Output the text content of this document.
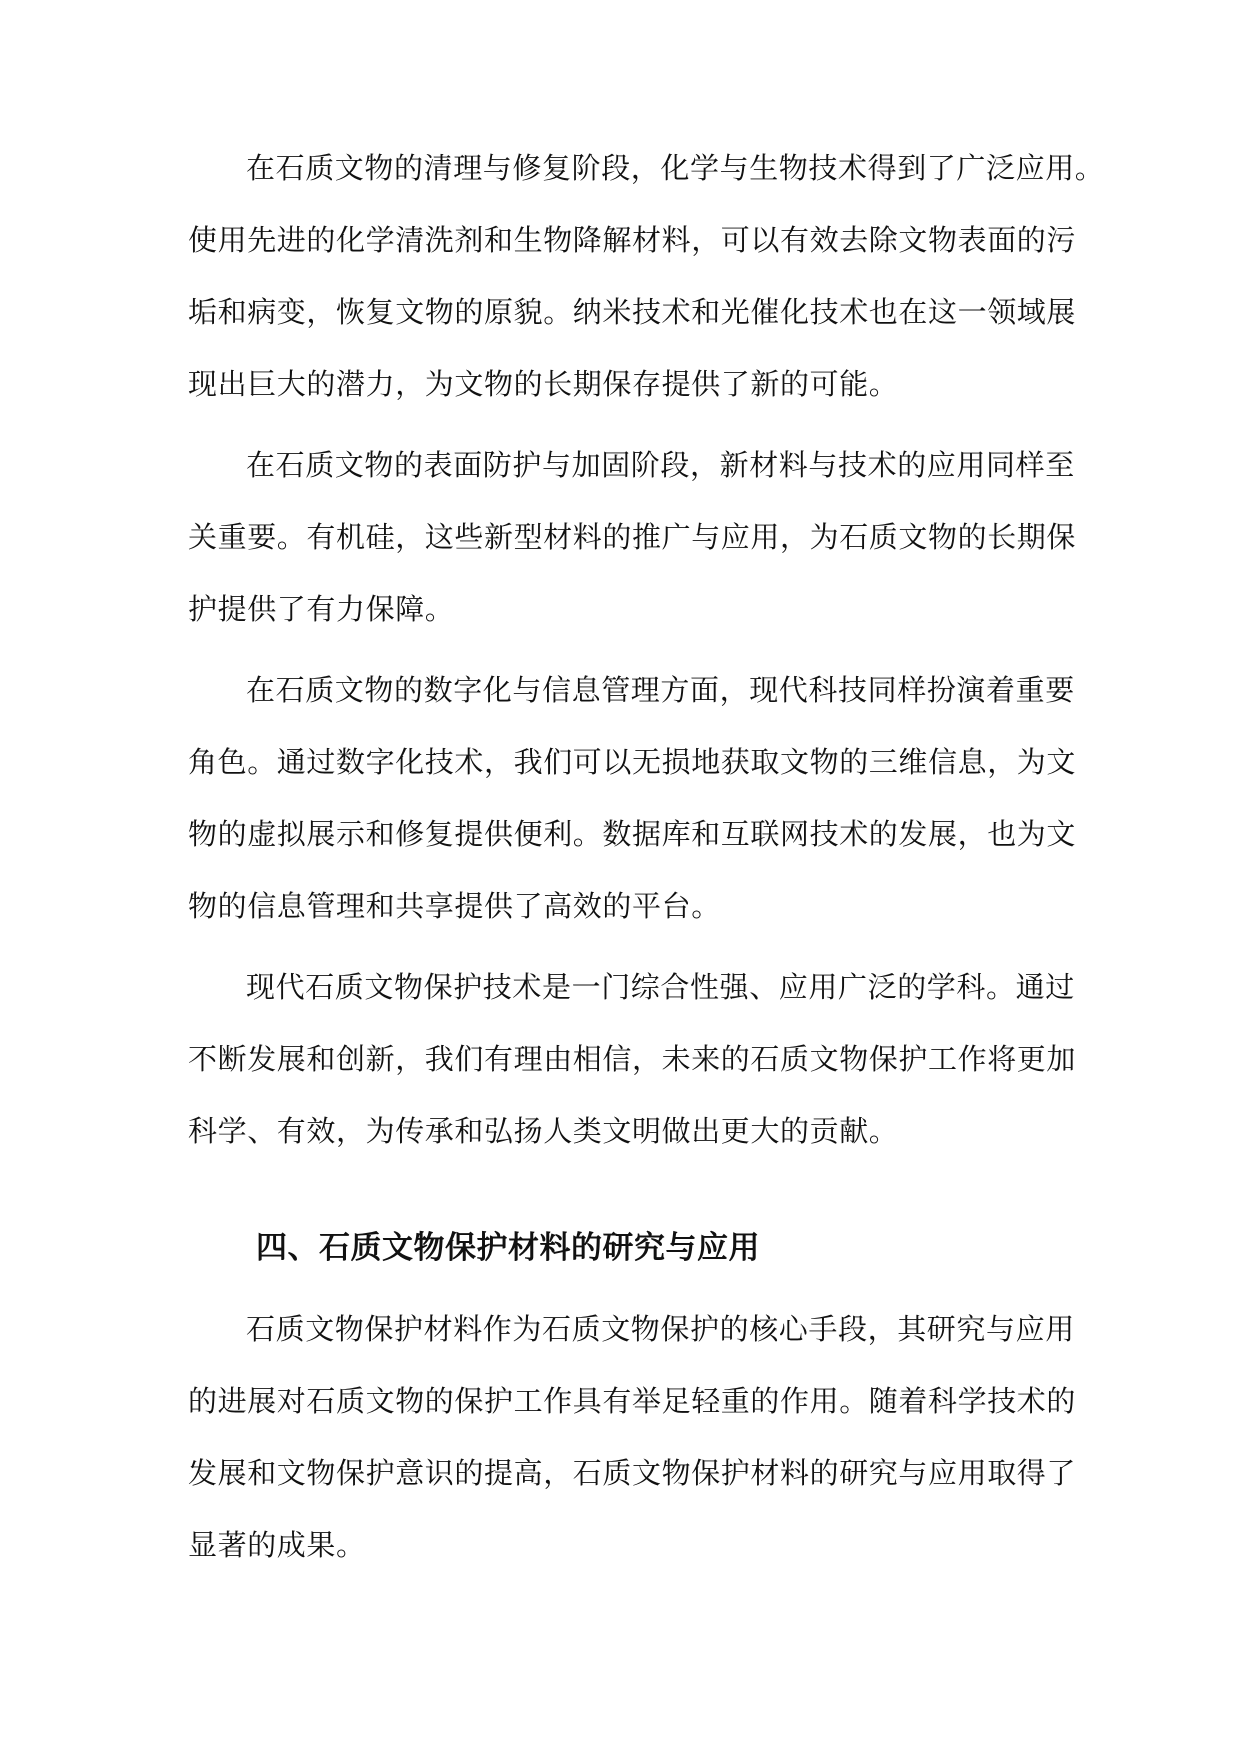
在石质文物的清理与修复阶段，化学与生物技术得到了广泛应用。
使用先进的化学清洗剂和生物降解材料，可以有效去除文物表面的污
垢和病变，恢复文物的原貌。纳米技术和光催化技术也在这一领域展
现出巨大的潜力，为文物的长期保存提供了新的可能。
在石质文物的表面防护与加固阶段，新材料与技术的应用同样至
关重要。有机硅，这些新型材料的推广与应用，为石质文物的长期保
护提供了有力保障。
在石质文物的数字化与信息管理方面，现代科技同样扮演着重要
角色。通过数字化技术，我们可以无损地获取文物的三维信息，为文
物的虚拟展示和修复提供便利。数据库和互联网技术的发展，也为文
物的信息管理和共享提供了高效的平台。
现代石质文物保护技术是一门综合性强、应用广泛的学科。通过
不断发展和创新，我们有理由相信，未来的石质文物保护工作将更加
科学、有效，为传承和弘扬人类文明做出更大的贡献。
四、石质文物保护材料的研究与应用
石质文物保护材料作为石质文物保护的核心手段，其研究与应用
的进展对石质文物的保护工作具有举足轻重的作用。随着科学技术的
发展和文物保护意识的提高，石质文物保护材料的研究与应用取得了
显著的成果。
